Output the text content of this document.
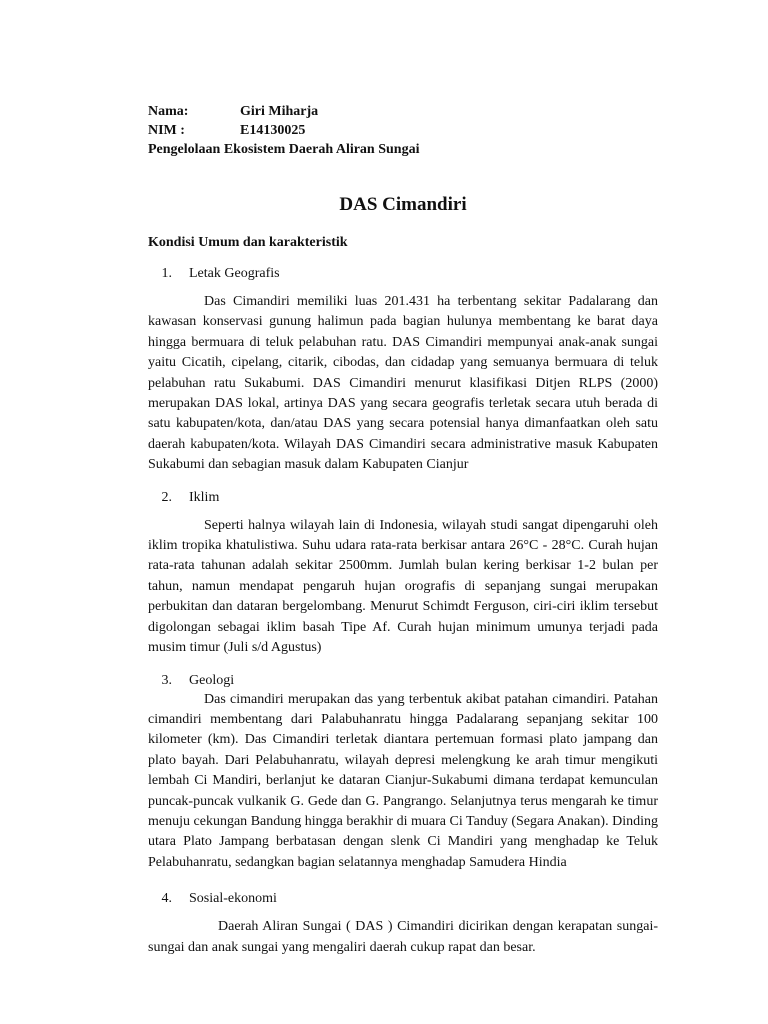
Nama:	Giri Miharja
NIM :	E14130025
Pengelolaan Ekosistem Daerah Aliran Sungai
DAS Cimandiri
Kondisi Umum dan karakteristik
1. Letak Geografis

Das Cimandiri memiliki luas 201.431 ha terbentang sekitar Padalarang dan kawasan konservasi gunung halimun pada bagian hulunya membentang ke barat daya hingga bermuara di teluk pelabuhan ratu. DAS Cimandiri mempunyai anak-anak sungai yaitu Cicatih, cipelang, citarik, cibodas, dan cidadap yang semuanya bermuara di teluk pelabuhan ratu Sukabumi. DAS Cimandiri menurut klasifikasi Ditjen RLPS (2000) merupakan DAS lokal, artinya DAS yang secara geografis terletak secara utuh berada di satu kabupaten/kota, dan/atau DAS yang secara potensial hanya dimanfaatkan oleh satu daerah kabupaten/kota. Wilayah DAS Cimandiri secara administrative masuk Kabupaten Sukabumi dan sebagian masuk dalam Kabupaten Cianjur

2. Iklim

Seperti halnya wilayah lain di Indonesia, wilayah studi sangat dipengaruhi oleh iklim tropika khatulistiwa. Suhu udara rata-rata berkisar antara 26°C - 28°C. Curah hujan rata-rata tahunan adalah sekitar 2500mm. Jumlah bulan kering berkisar 1-2 bulan per tahun, namun mendapat pengaruh hujan orografis di sepanjang sungai merupakan perbukitan dan dataran bergelombang. Menurut Schimdt Ferguson, ciri-ciri iklim tersebut digolongan sebagai iklim basah Tipe Af. Curah hujan minimum umunya terjadi pada musim timur (Juli s/d Agustus)

3. Geologi

Das cimandiri merupakan das yang terbentuk akibat patahan cimandiri. Patahan cimandiri membentang dari Palabuhanratu hingga Padalarang sepanjang sekitar 100 kilometer (km). Das Cimandiri terletak diantara pertemuan formasi plato jampang dan plato bayah. Dari Pelabuhanratu, wilayah depresi melengkung ke arah timur mengikuti lembah Ci Mandiri, berlanjut ke dataran Cianjur-Sukabumi dimana terdapat kemunculan puncak-puncak vulkanik G. Gede dan G. Pangrango. Selanjutnya terus mengarah ke timur menuju cekungan Bandung hingga berakhir di muara Ci Tanduy (Segara Anakan). Dinding utara Plato Jampang berbatasan dengan slenk Ci Mandiri yang menghadap ke Teluk Pelabuhanratu, sedangkan bagian selatannya menghadap Samudera Hindia

4. Sosial-ekonomi

Daerah Aliran Sungai ( DAS ) Cimandiri dicirikan dengan kerapatan sungai-sungai dan anak sungai yang mengaliri daerah cukup rapat dan besar.
